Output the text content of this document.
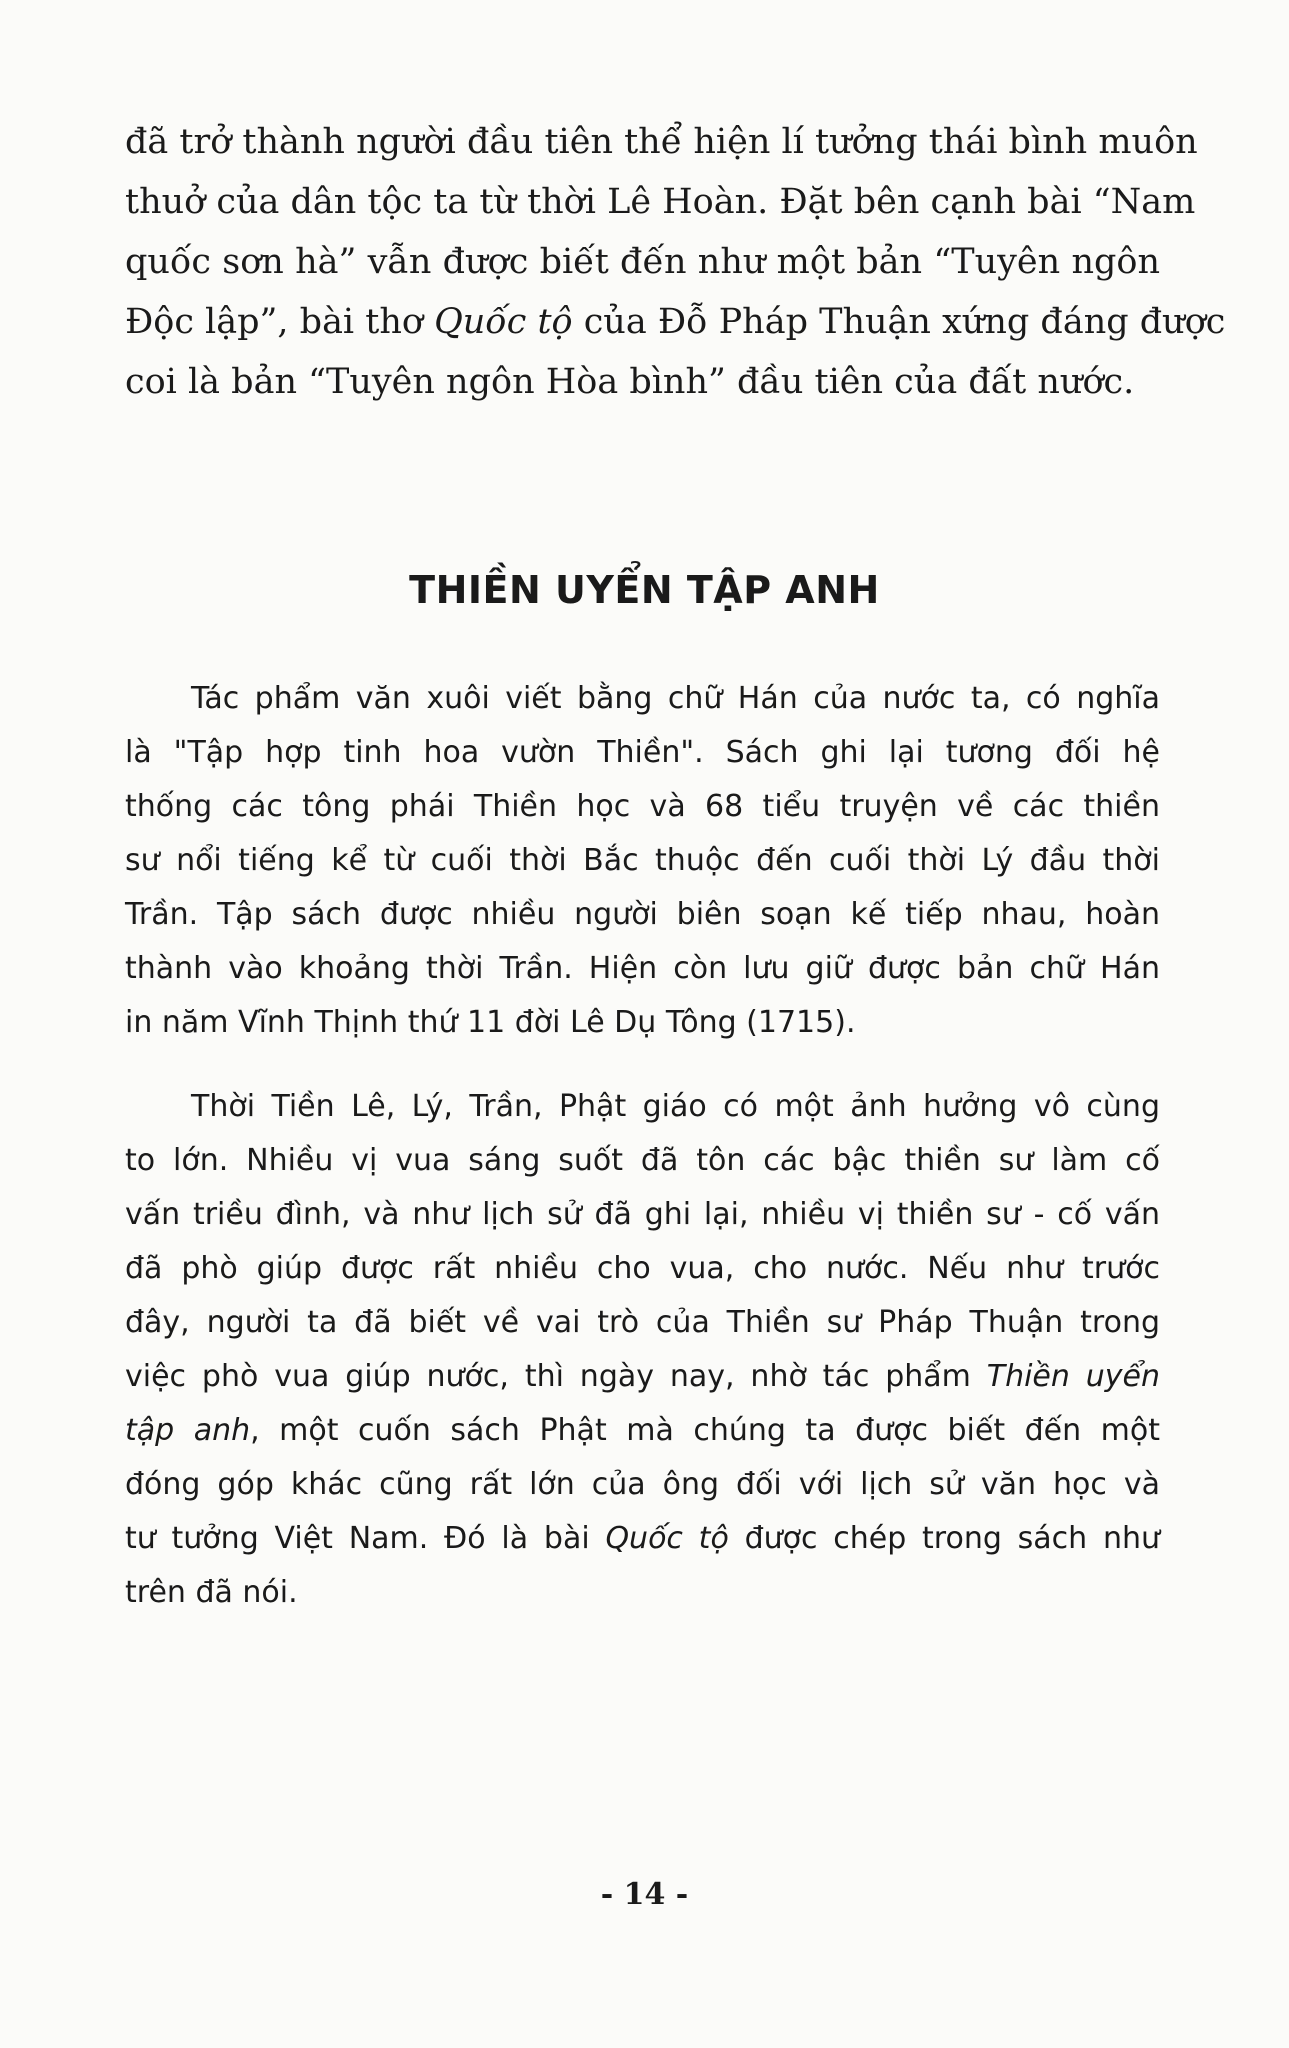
đã trở thành người đầu tiên thể hiện lí tưởng thái bình muôn
thuở của dân tộc ta từ thời Lê Hoàn. Đặt bên cạnh bài “Nam
quốc sơn hà” vẫn được biết đến như một bản “Tuyên ngôn
Độc lập”, bài thơ Quốc tộ của Đỗ Pháp Thuận xứng đáng được
coi là bản “Tuyên ngôn Hòa bình” đầu tiên của đất nước.
THIỀN UYỂN TẬP ANH
Tác phẩm văn xuôi viết bằng chữ Hán của nước ta, có nghĩa
là "Tập hợp tinh hoa vườn Thiền". Sách ghi lại tương đối hệ
thống các tông phái Thiền học và 68 tiểu truyện về các thiền
sư nổi tiếng kể từ cuối thời Bắc thuộc đến cuối thời Lý đầu thời
Trần. Tập sách được nhiều người biên soạn kế tiếp nhau, hoàn
thành vào khoảng thời Trần. Hiện còn lưu giữ được bản chữ Hán
in năm Vĩnh Thịnh thứ 11 đời Lê Dụ Tông (1715).
Thời Tiền Lê, Lý, Trần, Phật giáo có một ảnh hưởng vô cùng
to lớn. Nhiều vị vua sáng suốt đã tôn các bậc thiền sư làm cố
vấn triều đình, và như lịch sử đã ghi lại, nhiều vị thiền sư - cố vấn
đã phò giúp được rất nhiều cho vua, cho nước. Nếu như trước
đây, người ta đã biết về vai trò của Thiền sư Pháp Thuận trong
việc phò vua giúp nước, thì ngày nay, nhờ tác phẩm Thiền uyển
tập anh, một cuốn sách Phật mà chúng ta được biết đến một
đóng góp khác cũng rất lớn của ông đối với lịch sử văn học và
tư tưởng Việt Nam. Đó là bài Quốc tộ được chép trong sách như
trên đã nói.
- 14 -
